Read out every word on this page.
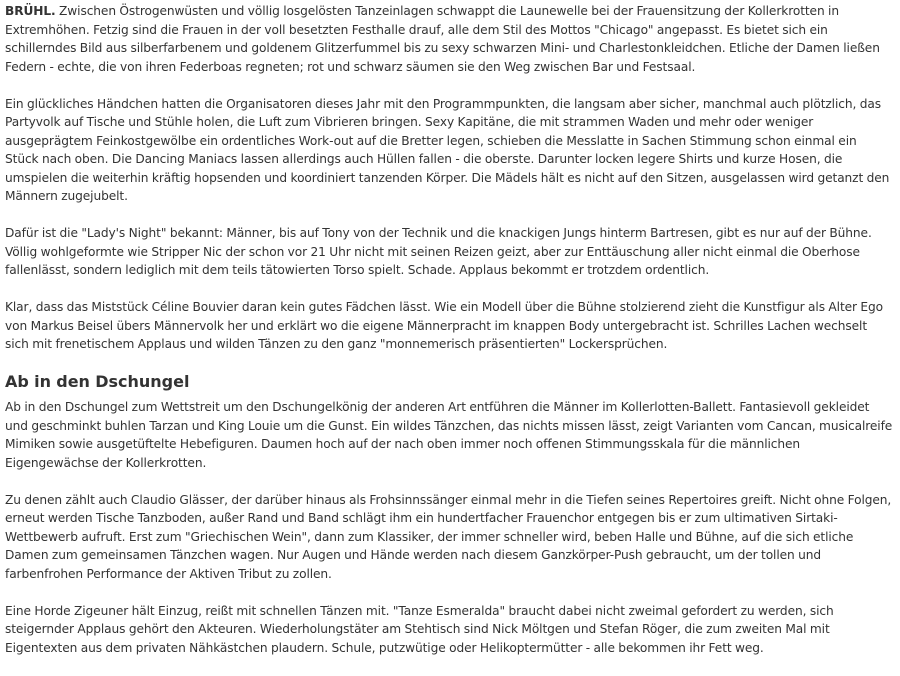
BRÜHL. Zwischen Östrogenwüsten und völlig losgelösten Tanzeinlagen schwappt die Launewelle bei der Frauensitzung der Kollerkrotten in Extremhöhen. Fetzig sind die Frauen in der voll besetzten Festhalle drauf, alle dem Stil des Mottos "Chicago" angepasst. Es bietet sich ein schillerndes Bild aus silberfarbenem und goldenem Glitzerfummel bis zu sexy schwarzen Mini- und Charlestonkleidchen. Etliche der Damen ließen Federn - echte, die von ihren Federboas regneten; rot und schwarz säumen sie den Weg zwischen Bar und Festsaal.

Ein glückliches Händchen hatten die Organisatoren dieses Jahr mit den Programmpunkten, die langsam aber sicher, manchmal auch plötzlich, das Partyvolk auf Tische und Stühle holen, die Luft zum Vibrieren bringen. Sexy Kapitäne, die mit strammen Waden und mehr oder weniger ausgeprägtem Feinkostgewölbe ein ordentliches Work-out auf die Bretter legen, schieben die Messlatte in Sachen Stimmung schon einmal ein Stück nach oben. Die Dancing Maniacs lassen allerdings auch Hüllen fallen - die oberste. Darunter locken legere Shirts und kurze Hosen, die umspielen die weiterhin kräftig hopsenden und koordiniert tanzenden Körper. Die Mädels hält es nicht auf den Sitzen, ausgelassen wird getanzt den Männern zugejubelt.

Dafür ist die "Lady's Night" bekannt: Männer, bis auf Tony von der Technik und die knackigen Jungs hinterm Bartresen, gibt es nur auf der Bühne. Völlig wohlgeformte wie Stripper Nic der schon vor 21 Uhr nicht mit seinen Reizen geizt, aber zur Enttäuschung aller nicht einmal die Oberhose fallenlässt, sondern lediglich mit dem teils tätowierten Torso spielt. Schade. Applaus bekommt er trotzdem ordentlich.

Klar, dass das Miststück Céline Bouvier daran kein gutes Fädchen lässt. Wie ein Modell über die Bühne stolzierend zieht die Kunstfigur als Alter Ego von Markus Beisel übers Männervolk her und erklärt wo die eigene Männerpracht im knappen Body untergebracht ist. Schrilles Lachen wechselt sich mit frenetischem Applaus und wilden Tänzen zu den ganz "monnemerisch präsentierten" Lockersprüchen.

Ab in den Dschungel

Ab in den Dschungel zum Wettstreit um den Dschungelkönig der anderen Art entführen die Männer im Kollerlotten-Ballett. Fantasievoll gekleidet und geschminkt buhlen Tarzan und King Louie um die Gunst. Ein wildes Tänzchen, das nichts missen lässt, zeigt Varianten vom Cancan, musicalreife Mimiken sowie ausgetüftelte Hebefiguren. Daumen hoch auf der nach oben immer noch offenen Stimmungsskala für die männlichen Eigengewächse der Kollerkrotten.

Zu denen zählt auch Claudio Glässer, der darüber hinaus als Frohsinnssänger einmal mehr in die Tiefen seines Repertoires greift. Nicht ohne Folgen, erneut werden Tische Tanzboden, außer Rand und Band schlägt ihm ein hundertfacher Frauenchor entgegen bis er zum ultimativen Sirtaki-Wettbewerb aufruft. Erst zum "Griechischen Wein", dann zum Klassiker, der immer schneller wird, beben Halle und Bühne, auf die sich etliche Damen zum gemeinsamen Tänzchen wagen. Nur Augen und Hände werden nach diesem Ganzkörper-Push gebraucht, um der tollen und farbenfrohen Performance der Aktiven Tribut zu zollen.

Eine Horde Zigeuner hält Einzug, reißt mit schnellen Tänzen mit. "Tanze Esmeralda" braucht dabei nicht zweimal gefordert zu werden, sich steigernder Applaus gehört den Akteuren. Wiederholungstäter am Stehtisch sind Nick Möltgen und Stefan Röger, die zum zweiten Mal mit Eigentexten aus dem privaten Nähkästchen plaudern. Schule, putzwütige oder Helikoptermütter - alle bekommen ihr Fett weg.
